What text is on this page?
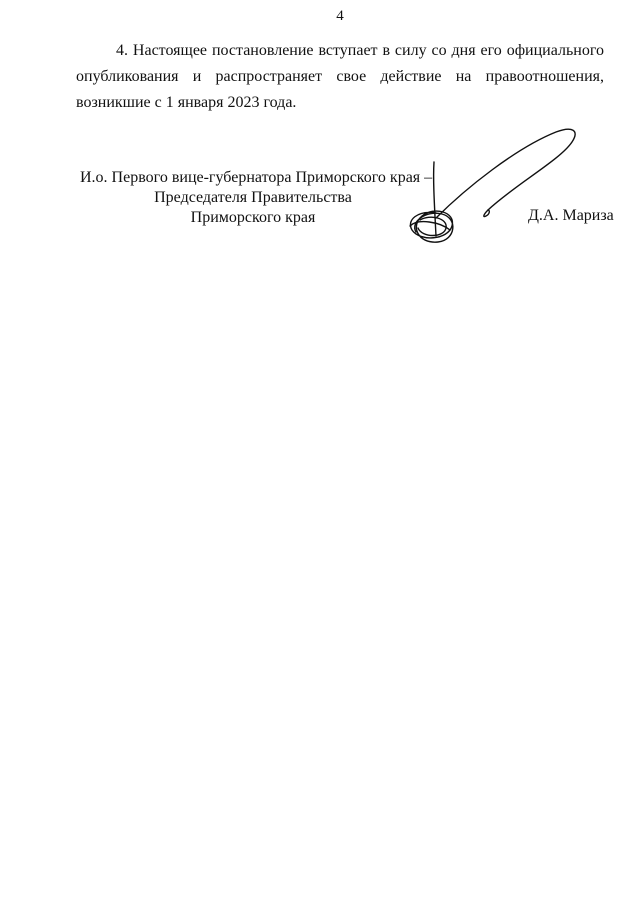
4

4. Настоящее постановление вступает в силу со дня его официального опубликования и распространяет свое действие на правоотношения, возникшие с 1 января 2023 года.

И.о. Первого вице-губернатора Приморского края –
Председателя Правительства
Приморского края	Д.А. Мариза
